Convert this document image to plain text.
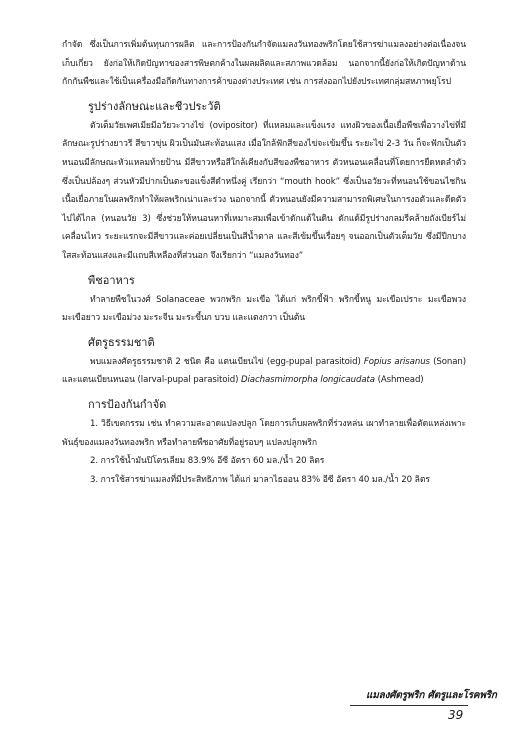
กำจัด ซึ่งเป็นการเพิ่มต้นทุนการผลิต และการป้องกันกำจัดแมลงวันทองพริกโดยใช้สารฆ่าแมลงอย่างต่อเนื่องจนเก็บเกี่ยว ยังก่อให้เกิดปัญหาของสารพิษตกค้างในผลผลิตและสภาพแวดล้อม นอกจากนี้ยังก่อให้เกิดปัญหาด้านกักกันพืชและใช้เป็นเครื่องมือกีดกันทางการค้าของต่างประเทศ เช่น การส่งออกไปยังประเทศกลุ่มสหภาพยุโรป

รูปร่างลักษณะและชีวประวัติ

ตัวเต็มวัยเพศเมียมีอวัยวะวางไข่ (ovipositor) ที่แหลมและแข็งแรง แทงผิวของเนื้อเยื่อพืชเพื่อวางไข่ที่มีลักษณะรูปร่างยาวรี สีขาวขุ่น ผิวเป็นมันสะท้อนแสง เมื่อใกล้ฟักสีของไข่จะเข้มขึ้น ระยะไข่ 2-3 วัน ก็จะฟักเป็นตัวหนอนมีลักษณะหัวแหลมท้ายป้าน มีสีขาวหรือสีใกล้เคียงกับสีของพืชอาหาร ตัวหนอนเคลื่อนที่โดยการยืดหดลำตัวซึ่งเป็นปล้องๆ ส่วนหัวมีปากเป็นตะขอแข็งสีดำหนึ่งคู่ เรียกว่า “mouth hook” ซึ่งเป็นอวัยวะที่หนอนใช้ขอนไชกินเนื้อเยื่อภายในผลพริกทำให้ผลพริกเน่าและร่วง นอกจากนี้ ตัวหนอนยังมีความสามารถพิเศษในการงอตัวและดีดตัวไปได้ไกล (หนอนวัย 3) ซึ่งช่วยให้หนอนหาที่เหมาะสมเพื่อเข้าดักแด้ในดิน ดักแด้มีรูปร่างกลมรีคล้ายถังเบียร์ไม่เคลื่อนไหว ระยะแรกจะมีสีขาวและค่อยเปลี่ยนเป็นสีน้ำตาล และสีเข้มขึ้นเรื่อยๆ จนออกเป็นตัวเต็มวัย ซึ่งมีปีกบางใสสะท้อนแสงและมีแถบสีเหลืองที่ส่วนอก จึงเรียกว่า “แมลงวันทอง”

พืชอาหาร

ทำลายพืชในวงศ์ Solanaceae พวกพริก มะเขือ ได้แก่ พริกขี้ฟ้า พริกขี้หนู มะเขือเปราะ มะเขือพวง มะเขือยาว มะเขือม่วง มะระจีน มะระขี้นก บวบ และแตงกวา เป็นต้น

ศัตรูธรรมชาติ

พบแมลงศัตรูธรรมชาติ 2 ชนิด คือ แตนเบียนไข่ (egg-pupal parasitoid) Fopius arisanus (Sonan) และแตนเบียนหนอน (larval-pupal parasitoid) Diachasmimorpha longicaudata (Ashmead)

การป้องกันกำจัด

1. วิธีเขตกรรม เช่น ทำความสะอาดแปลงปลูก โดยการเก็บผลพริกที่ร่วงหล่น เผาทำลายเพื่อตัดแหล่งเพาะพันธุ์ของแมลงวันทองพริก หรือทำลายพืชอาศัยที่อยู่รอบๆ แปลงปลูกพริก

2. การใช้น้ำมันปิโตรเลียม 83.9% อีซี อัตรา 60 มล./น้ำ 20 ลิตร

3. การใช้สารฆ่าแมลงที่มีประสิทธิภาพ ได้แก่ มาลาไธออน 83% อีซี อัตรา 40 มล./น้ำ 20 ลิตร

แมลงศัตรูพริก ศัตรูและโรคพริก
39
